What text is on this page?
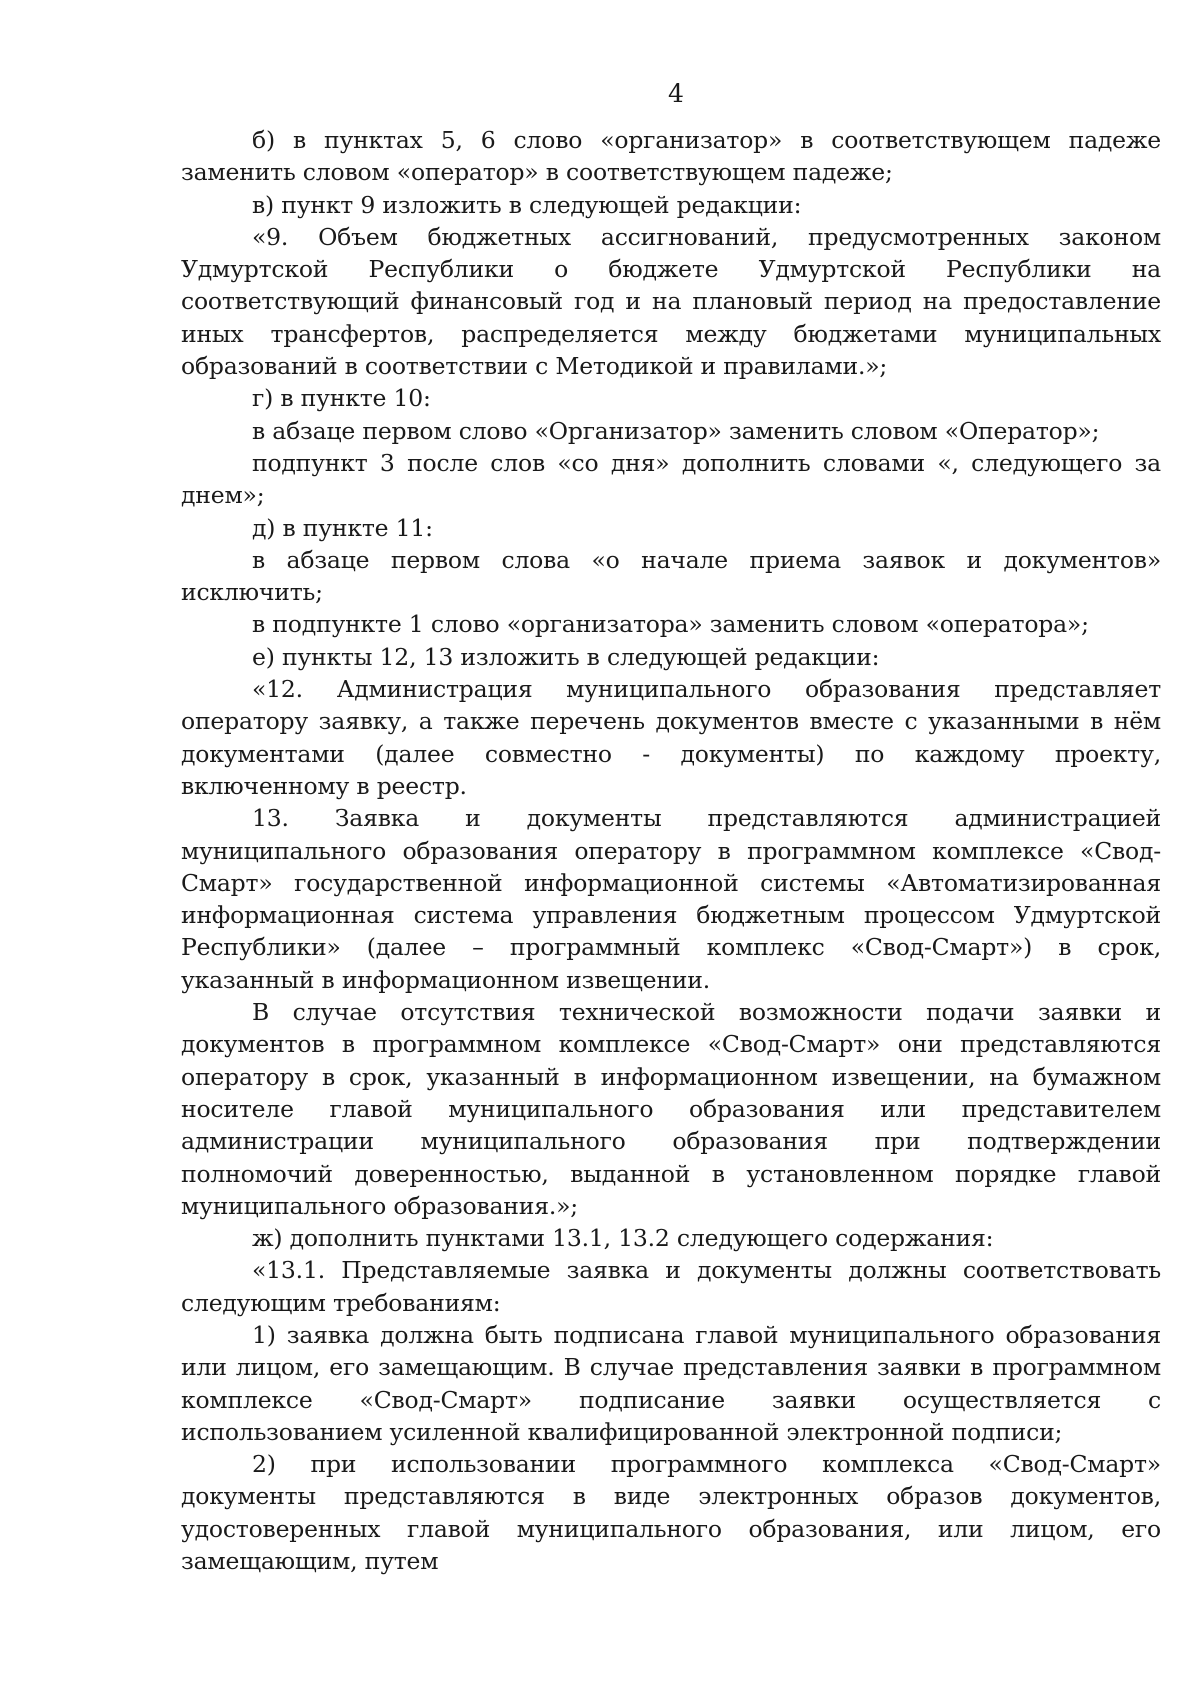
4

б) в пунктах 5, 6 слово «организатор» в соответствующем падеже заменить словом «оператор» в соответствующем падеже;

в) пункт 9 изложить в следующей редакции:

«9. Объем бюджетных ассигнований, предусмотренных законом Удмуртской Республики о бюджете Удмуртской Республики на соответствующий финансовый год и на плановый период на предоставление иных трансфертов, распределяется между бюджетами муниципальных образований в соответствии с Методикой и правилами.»;

г) в пункте 10:

в абзаце первом слово «Организатор» заменить словом «Оператор»;

подпункт 3 после слов «со дня» дополнить словами «, следующего за днем»;

д) в пункте 11:

в абзаце первом слова «о начале приема заявок и документов» исключить;

в подпункте 1 слово «организатора» заменить словом «оператора»;

е) пункты 12, 13 изложить в следующей редакции:

«12. Администрация муниципального образования представляет оператору заявку, а также перечень документов вместе с указанными в нём документами (далее совместно - документы) по каждому проекту, включенному в реестр.

13. Заявка и документы представляются администрацией муниципального образования оператору в программном комплексе «Свод-Смарт» государственной информационной системы «Автоматизированная информационная система управления бюджетным процессом Удмуртской Республики» (далее – программный комплекс «Свод-Смарт») в срок, указанный в информационном извещении.

В случае отсутствия технической возможности подачи заявки и документов в программном комплексе «Свод-Смарт» они представляются оператору в срок, указанный в информационном извещении, на бумажном носителе главой муниципального образования или представителем администрации муниципального образования при подтверждении полномочий доверенностью, выданной в установленном порядке главой муниципального образования.»;

ж) дополнить пунктами 13.1, 13.2 следующего содержания:

«13.1. Представляемые заявка и документы должны соответствовать следующим требованиям:

1) заявка должна быть подписана главой муниципального образования или лицом, его замещающим. В случае представления заявки в программном комплексе «Свод-Смарт» подписание заявки осуществляется с использованием усиленной квалифицированной электронной подписи;

2) при использовании программного комплекса «Свод-Смарт» документы представляются в виде электронных образов документов, удостоверенных главой муниципального образования, или лицом, его замещающим, путем
